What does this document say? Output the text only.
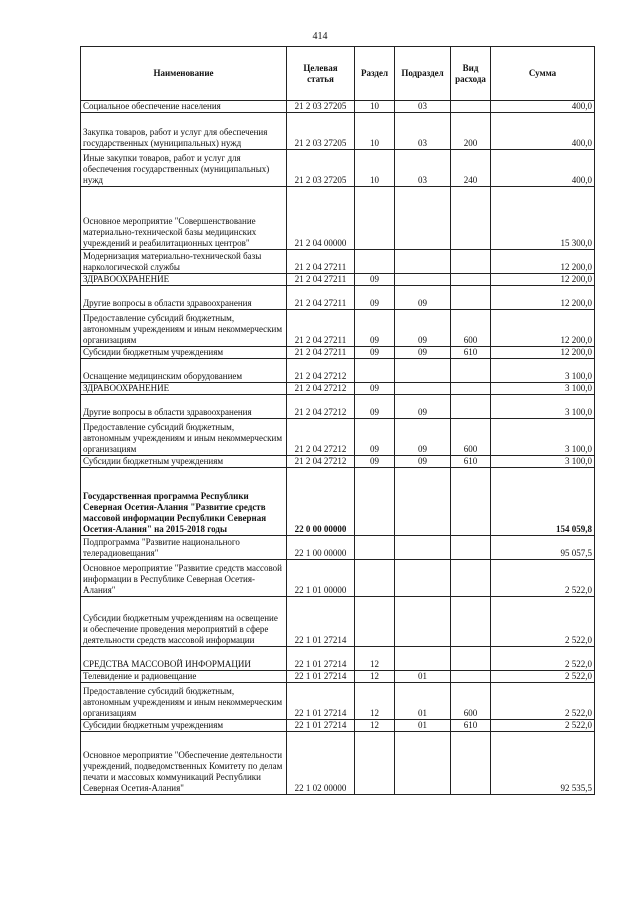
414
Наименование	Целевая статья	Раздел	Подраздел	Вид расхода	Сумма
Социальное обеспечение населения	21 2 03 27205	10	03		400,0
Закупка товаров, работ и услуг для обеспечения государственных (муниципальных) нужд	21 2 03 27205	10	03	200	400,0
Иные закупки товаров, работ и услуг для обеспечения государственных (муниципальных) нужд	21 2 03 27205	10	03	240	400,0
Основное мероприятие "Совершенствование материально-технической базы медицинских учреждений и реабилитационных центров"	21 2 04 00000				15 300,0
Модернизация материально-технической базы наркологической службы	21 2 04 27211				12 200,0
ЗДРАВООХРАНЕНИЕ	21 2 04 27211	09			12 200,0
Другие вопросы в области здравоохранения	21 2 04 27211	09	09		12 200,0
Предоставление субсидий бюджетным, автономным учреждениям и иным некоммерческим организациям	21 2 04 27211	09	09	600	12 200,0
Субсидии бюджетным учреждениям	21 2 04 27211	09	09	610	12 200,0
Оснащение медицинским оборудованием	21 2 04 27212				3 100,0
ЗДРАВООХРАНЕНИЕ	21 2 04 27212	09			3 100,0
Другие вопросы в области здравоохранения	21 2 04 27212	09	09		3 100,0
Предоставление субсидий бюджетным, автономным учреждениям и иным некоммерческим организациям	21 2 04 27212	09	09	600	3 100,0
Субсидии бюджетным учреждениям	21 2 04 27212	09	09	610	3 100,0
Государственная программа Республики Северная Осетия-Алания "Развитие средств массовой информации Республики Северная Осетия-Алания" на 2015-2018 годы	22 0 00 00000				154 059,8
Подпрограмма "Развитие национального телерадиовещания"	22 1 00 00000				95 057,5
Основное мероприятие "Развитие средств массовой информации в Республике Северная Осетия-Алания"	22 1 01 00000				2 522,0
Субсидии бюджетным учреждениям на освещение и обеспечение проведения мероприятий в сфере деятельности средств массовой информации	22 1 01 27214				2 522,0
СРЕДСТВА МАССОВОЙ ИНФОРМАЦИИ	22 1 01 27214	12			2 522,0
Телевидение и радиовещание	22 1 01 27214	12	01		2 522,0
Предоставление субсидий бюджетным, автономным учреждениям и иным некоммерческим организациям	22 1 01 27214	12	01	600	2 522,0
Субсидии бюджетным учреждениям	22 1 01 27214	12	01	610	2 522,0
Основное мероприятие "Обеспечение деятельности учреждений, подведомственных Комитету по делам печати и массовых коммуникаций Республики Северная Осетия-Алания"	22 1 02 00000				92 535,5
